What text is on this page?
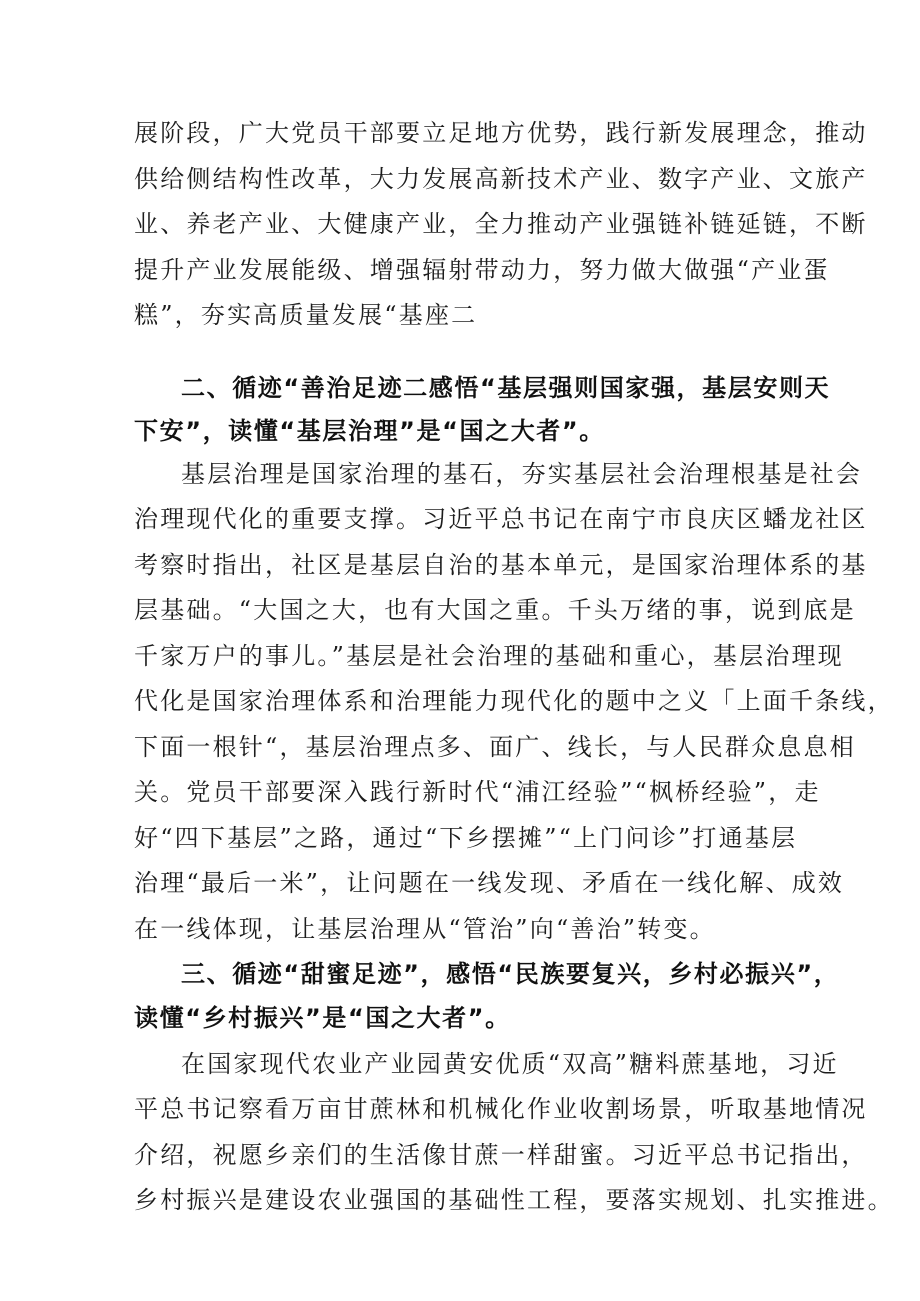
展阶段，广大党员干部要立足地方优势，践行新发展理念，推动
供给侧结构性改革，大力发展高新技术产业、数字产业、文旅产
业、养老产业、大健康产业，全力推动产业强链补链延链，不断
提升产业发展能级、增强辐射带动力，努力做大做强“产业蛋
糕”，夯实高质量发展“基座二
二、循迹“善治足迹二感悟“基层强则国家强，基层安则天
下安”，读懂“基层治理”是“国之大者”。
基层治理是国家治理的基石，夯实基层社会治理根基是社会
治理现代化的重要支撑。习近平总书记在南宁市良庆区蟠龙社区
考察时指出，社区是基层自治的基本单元，是国家治理体系的基
层基础。“大国之大，也有大国之重。千头万绪的事，说到底是
千家万户的事儿。”基层是社会治理的基础和重心，基层治理现
代化是国家治理体系和治理能力现代化的题中之义「上面千条线，
下面一根针“，基层治理点多、面广、线长，与人民群众息息相
关。党员干部要深入践行新时代“浦江经验”“枫桥经验”，走
好“四下基层”之路，通过“下乡摆摊”“上门问诊”打通基层
治理“最后一米”，让问题在一线发现、矛盾在一线化解、成效
在一线体现，让基层治理从“管治”向“善治”转变。
三、循迹“甜蜜足迹”，感悟“民族要复兴，乡村必振兴”，
读懂“乡村振兴”是“国之大者”。
在国家现代农业产业园黄安优质“双高”糖料蔗基地，习近
平总书记察看万亩甘蔗林和机械化作业收割场景，听取基地情况
介绍，祝愿乡亲们的生活像甘蔗一样甜蜜。习近平总书记指出，
乡村振兴是建设农业强国的基础性工程，要落实规划、扎实推进。
